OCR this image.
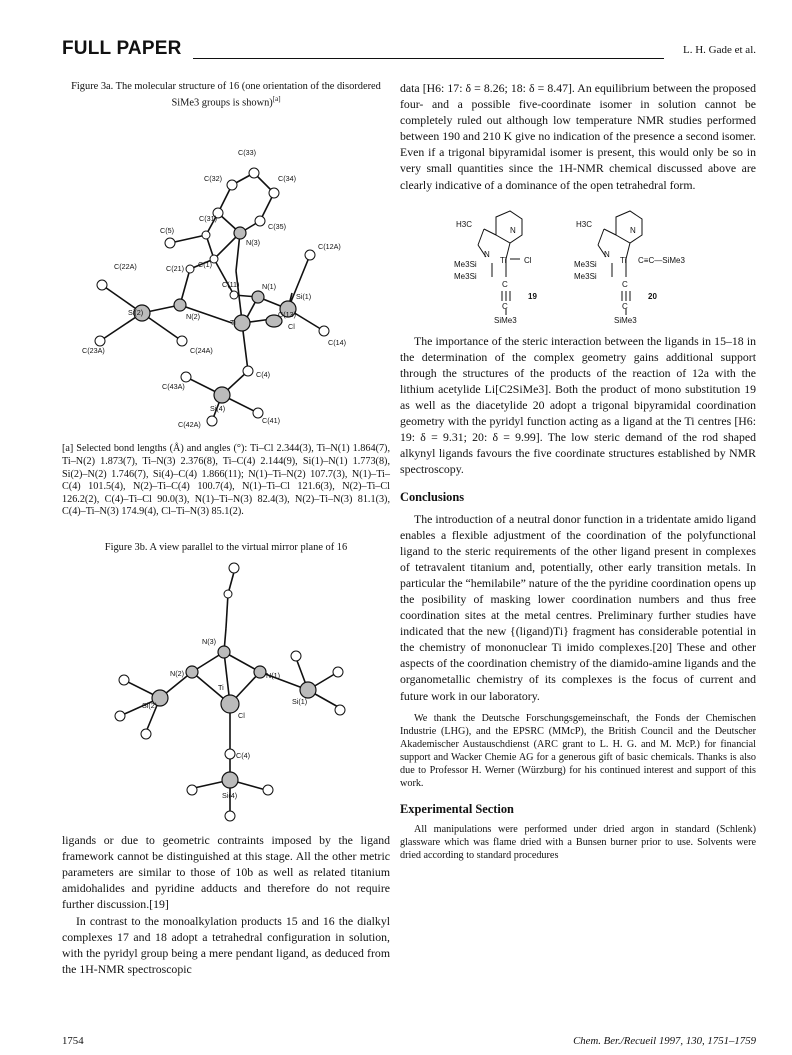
FULL PAPER	L. H. Gade et al.

Figure 3a. The molecular structure of 16 (one orientation of the disordered SiMe3 groups is shown)[a]

C(33)
C(32)	C(34)
C(31)
C(35)
C(5)
N(3)	C(12A)
C(22A)	C(21) C(1)
C(11)	N(1)
Si(1)
C(13)
Si(2)	N(2)
Ti	Cl
C(14)
C(23A)	C(24A)
C(4)
C(43A)
Si(4)
C(41)
C(42A)

[a] Selected bond lengths (Å) and angles (°): Ti–Cl 2.344(3), Ti–N(1) 1.864(7), Ti–N(2) 1.873(7), Ti–N(3) 2.376(8), Ti–C(4) 2.144(9), Si(1)–N(1) 1.773(8), Si(2)–N(2) 1.746(7), Si(4)–C(4) 1.866(11); N(1)–Ti–N(2) 107.7(3), N(1)–Ti–C(4) 101.5(4), N(2)–Ti–C(4) 100.7(4), N(1)–Ti–Cl 121.6(3), N(2)–Ti–Cl 126.2(2), C(4)–Ti–Cl 90.0(3), N(1)–Ti–N(3) 82.4(3), N(2)–Ti–N(3) 81.1(3), C(4)–Ti–N(3) 174.9(4), Cl–Ti–N(3) 85.1(2).

Figure 3b. A view parallel to the virtual mirror plane of 16

N(3)
N(2)	N(1)
Ti
Si(2)	Si(1)
Cl
C(4)
Si(4)

ligands or due to geometric contraints imposed by the ligand framework cannot be distinguished at this stage. All the other metric parameters are similar to those of 10b as well as related titanium amidohalides and pyridine adducts and therefore do not require further discussion.[19]

In contrast to the monoalkylation products 15 and 16 the dialkyl complexes 17 and 18 adopt a tetrahedral configuration in solution, with the pyridyl group being a mere pendant ligand, as deduced from the 1H-NMR spectroscopic

data [H6: 17: δ = 8.26; 18: δ = 8.47]. An equilibrium between the proposed four- and a possible five-coordinate isomer in solution cannot be completely ruled out although low temperature NMR studies performed between 190 and 210 K give no indication of the presence a second isomer. Even if a trigonal bipyramidal isomer is present, this would only be so in very small quantities since the 1H-NMR chemical discussed above are clearly indicative of a dominance of the open tetrahedral form.

H3C
N
N
Ti Cl
Me3Si
Me3Si
C
C
SiMe3
19
H3C
N
N
Ti C≡C—SiMe3
Me3Si
Me3Si
C
C
SiMe3
20

The importance of the steric interaction between the ligands in 15–18 in the determination of the complex geometry gains additional support through the structures of the products of the reaction of 12a with the lithium acetylide Li[C2SiMe3]. Both the product of mono substitution 19 as well as the diacetylide 20 adopt a trigonal bipyramidal coordination geometry with the pyridyl function acting as a ligand at the Ti centres [H6: 19: δ = 9.31; 20: δ = 9.99]. The low steric demand of the rod shaped alkynyl ligands favours the five coordinate structures established by NMR spectroscopy.

Conclusions

The introduction of a neutral donor function in a tridentate amido ligand enables a flexible adjustment of the coordination of the polyfunctional ligand to the steric requirements of the other ligand present in complexes of tetravalent titanium and, potentially, other early transition metals. In particular the “hemilabile” nature of the the pyridine coordination opens up the posibility of masking lower coordination numbers and thus free coordination sites at the metal centres. Preliminary further studies have indicated that the new {(ligand)Ti} fragment has considerable potential in the chemistry of mononuclear Ti imido complexes.[20] These and other aspects of the coordination chemistry of the diamido-amine ligands and the organometallic chemistry of its complexes is the focus of current and future work in our laboratory.

We thank the Deutsche Forschungsgemeinschaft, the Fonds der Chemischen Industrie (LHG), and the EPSRC (MMcP), the British Council and the Deutscher Akademischer Austauschdienst (ARC grant to L. H. G. and M. McP.) for financial support and Wacker Chemie AG for a generous gift of basic chemicals. Thanks is also due to Professor H. Werner (Würzburg) for his continued interest and support of this work.

Experimental Section

All manipulations were performed under dried argon in standard (Schlenk) glassware which was flame dried with a Bunsen burner prior to use. Solvents were dried according to standard procedures

1754	Chem. Ber./Recueil 1997, 130, 1751–1759
